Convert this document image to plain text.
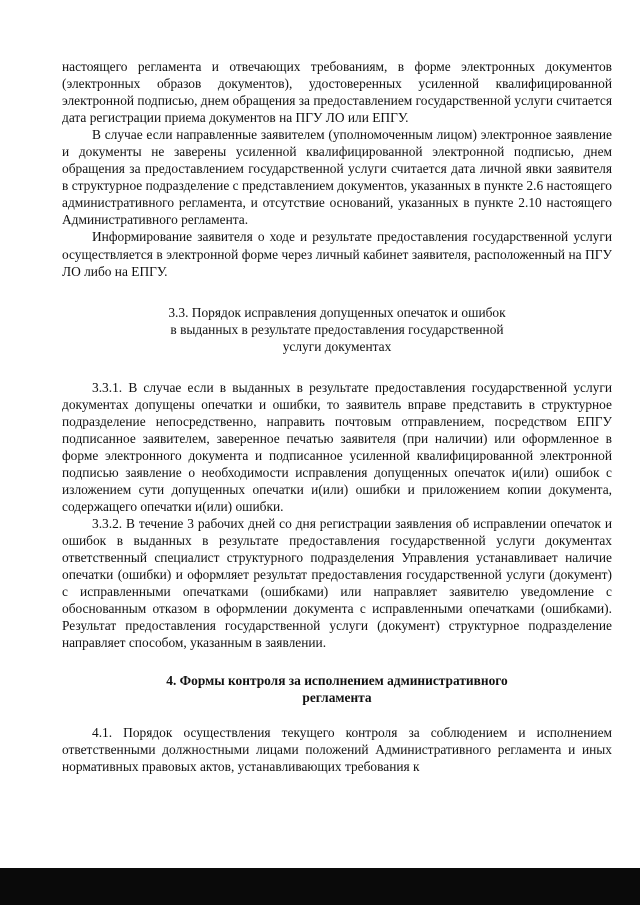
настоящего регламента и отвечающих требованиям, в форме электронных документов (электронных образов документов), удостоверенных усиленной квалифицированной электронной подписью, днем обращения за предоставлением государственной услуги считается дата регистрации приема документов на ПГУ ЛО или ЕПГУ.

В случае если направленные заявителем (уполномоченным лицом) электронное заявление и документы не заверены усиленной квалифицированной электронной подписью, днем обращения за предоставлением государственной услуги считается дата личной явки заявителя в структурное подразделение с представлением документов, указанных в пункте 2.6 настоящего административного регламента, и отсутствие оснований, указанных в пункте 2.10 настоящего Административного регламента.

Информирование заявителя о ходе и результате предоставления государственной услуги осуществляется в электронной форме через личный кабинет заявителя, расположенный на ПГУ ЛО либо на ЕПГУ.

3.3. Порядок исправления допущенных опечаток и ошибок
в выданных в результате предоставления государственной
услуги документах

3.3.1. В случае если в выданных в результате предоставления государственной услуги документах допущены опечатки и ошибки, то заявитель вправе представить в структурное подразделение непосредственно, направить почтовым отправлением, посредством ЕПГУ подписанное заявителем, заверенное печатью заявителя (при наличии) или оформленное в форме электронного документа и подписанное усиленной квалифицированной электронной подписью заявление о необходимости исправления допущенных опечаток и(или) ошибок с изложением сути допущенных опечатки и(или) ошибки и приложением копии документа, содержащего опечатки и(или) ошибки.

3.3.2. В течение 3 рабочих дней со дня регистрации заявления об исправлении опечаток и ошибок в выданных в результате предоставления государственной услуги документах ответственный специалист структурного подразделения Управления устанавливает наличие опечатки (ошибки) и оформляет результат предоставления государственной услуги (документ) с исправленными опечатками (ошибками) или направляет заявителю уведомление с обоснованным отказом в оформлении документа с исправленными опечатками (ошибками). Результат предоставления государственной услуги (документ) структурное подразделение направляет способом, указанным в заявлении.

4. Формы контроля за исполнением административного
регламента

4.1. Порядок осуществления текущего контроля за соблюдением и исполнением ответственными должностными лицами положений Административного регламента и иных нормативных правовых актов, устанавливающих требования к
